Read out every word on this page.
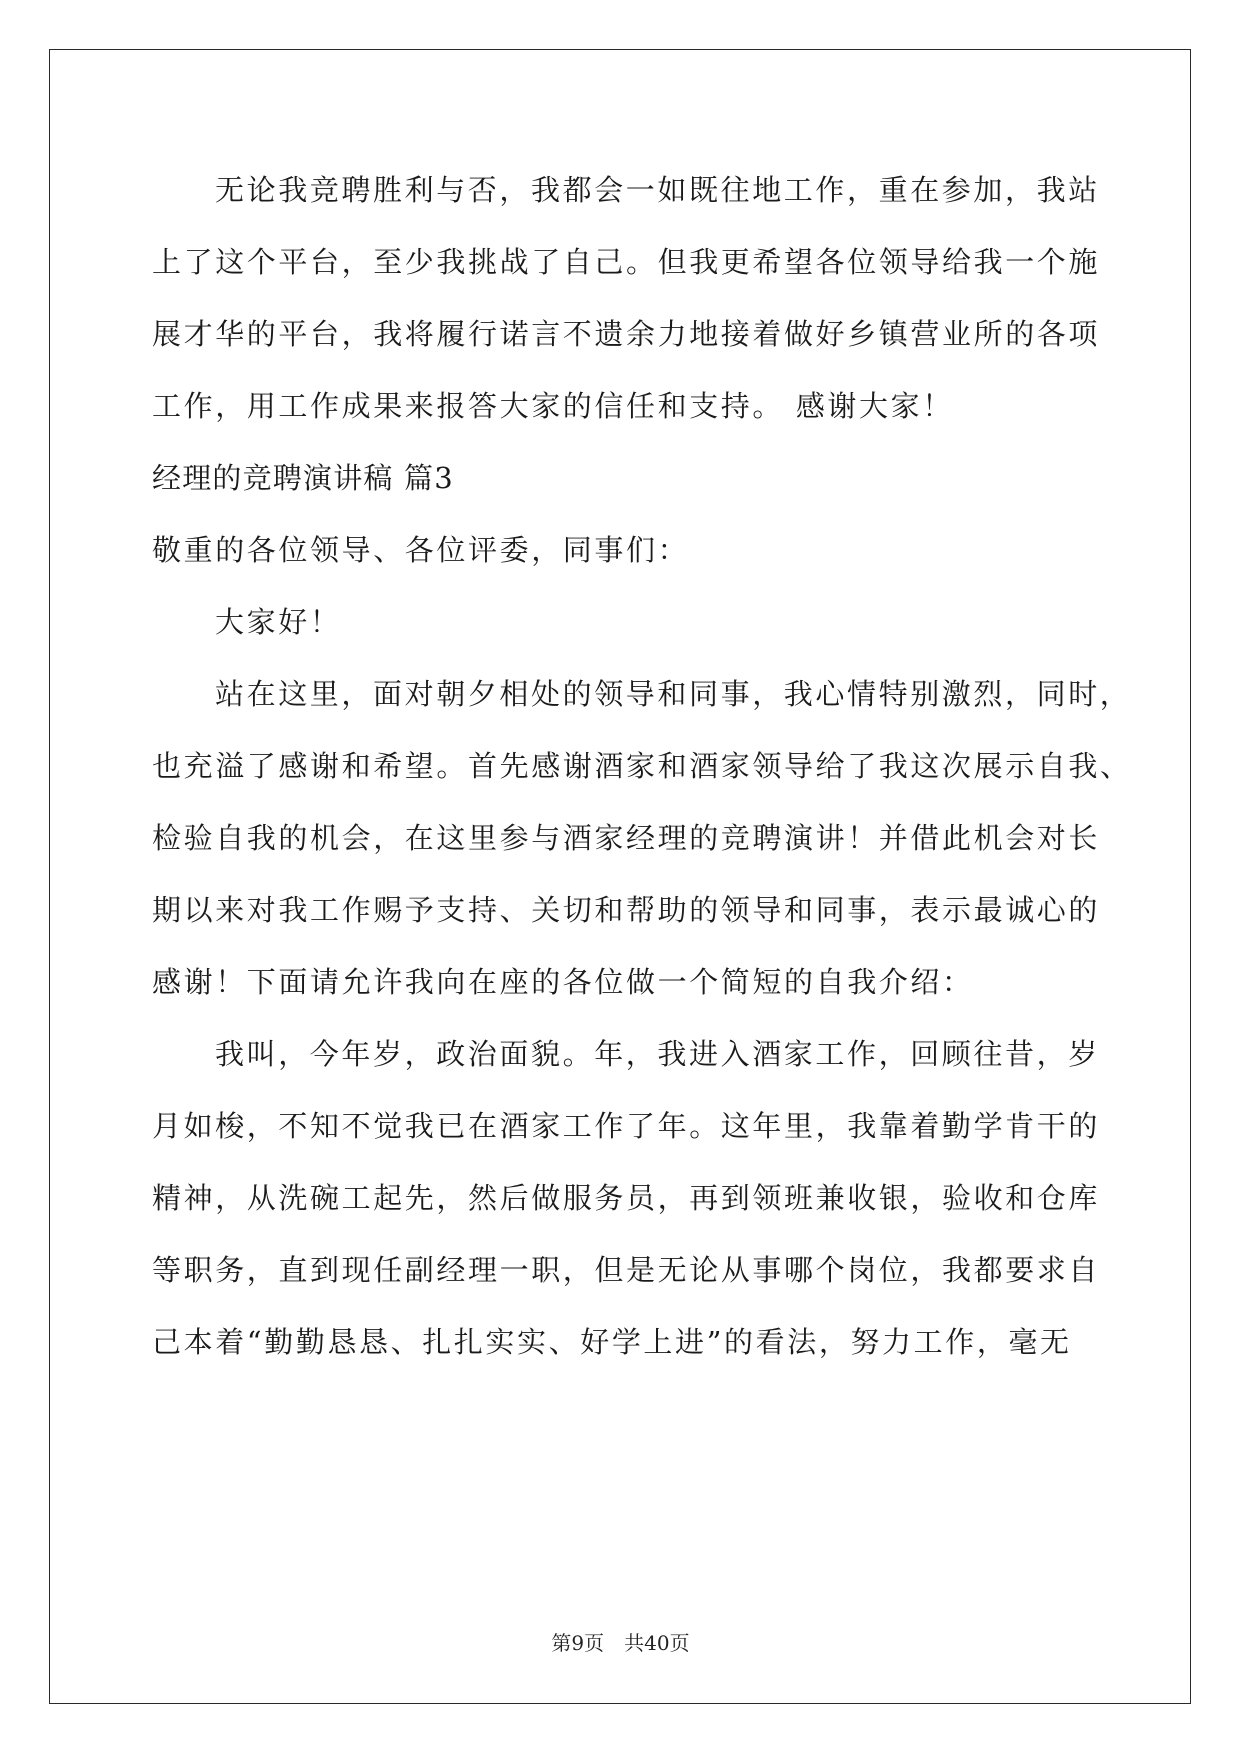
无论我竞聘胜利与否，我都会一如既往地工作，重在参加，我站
上了这个平台，至少我挑战了自己。但我更希望各位领导给我一个施
展才华的平台，我将履行诺言不遗余力地接着做好乡镇营业所的各项
工作，用工作成果来报答大家的信任和支持。 感谢大家！
经理的竞聘演讲稿 篇3
敬重的各位领导、各位评委，同事们：
大家好！
站在这里，面对朝夕相处的领导和同事，我心情特别激烈，同时，
也充溢了感谢和希望。首先感谢酒家和酒家领导给了我这次展示自我、
检验自我的机会，在这里参与酒家经理的竞聘演讲！并借此机会对长
期以来对我工作赐予支持、关切和帮助的领导和同事，表示最诚心的
感谢！下面请允许我向在座的各位做一个简短的自我介绍：
我叫，今年岁，政治面貌。年，我进入酒家工作，回顾往昔，岁
月如梭，不知不觉我已在酒家工作了年。这年里，我靠着勤学肯干的
精神，从洗碗工起先，然后做服务员，再到领班兼收银，验收和仓库
等职务，直到现任副经理一职，但是无论从事哪个岗位，我都要求自
己本着“勤勤恳恳、扎扎实实、好学上进”的看法，努力工作，毫无
第9页　共40页
